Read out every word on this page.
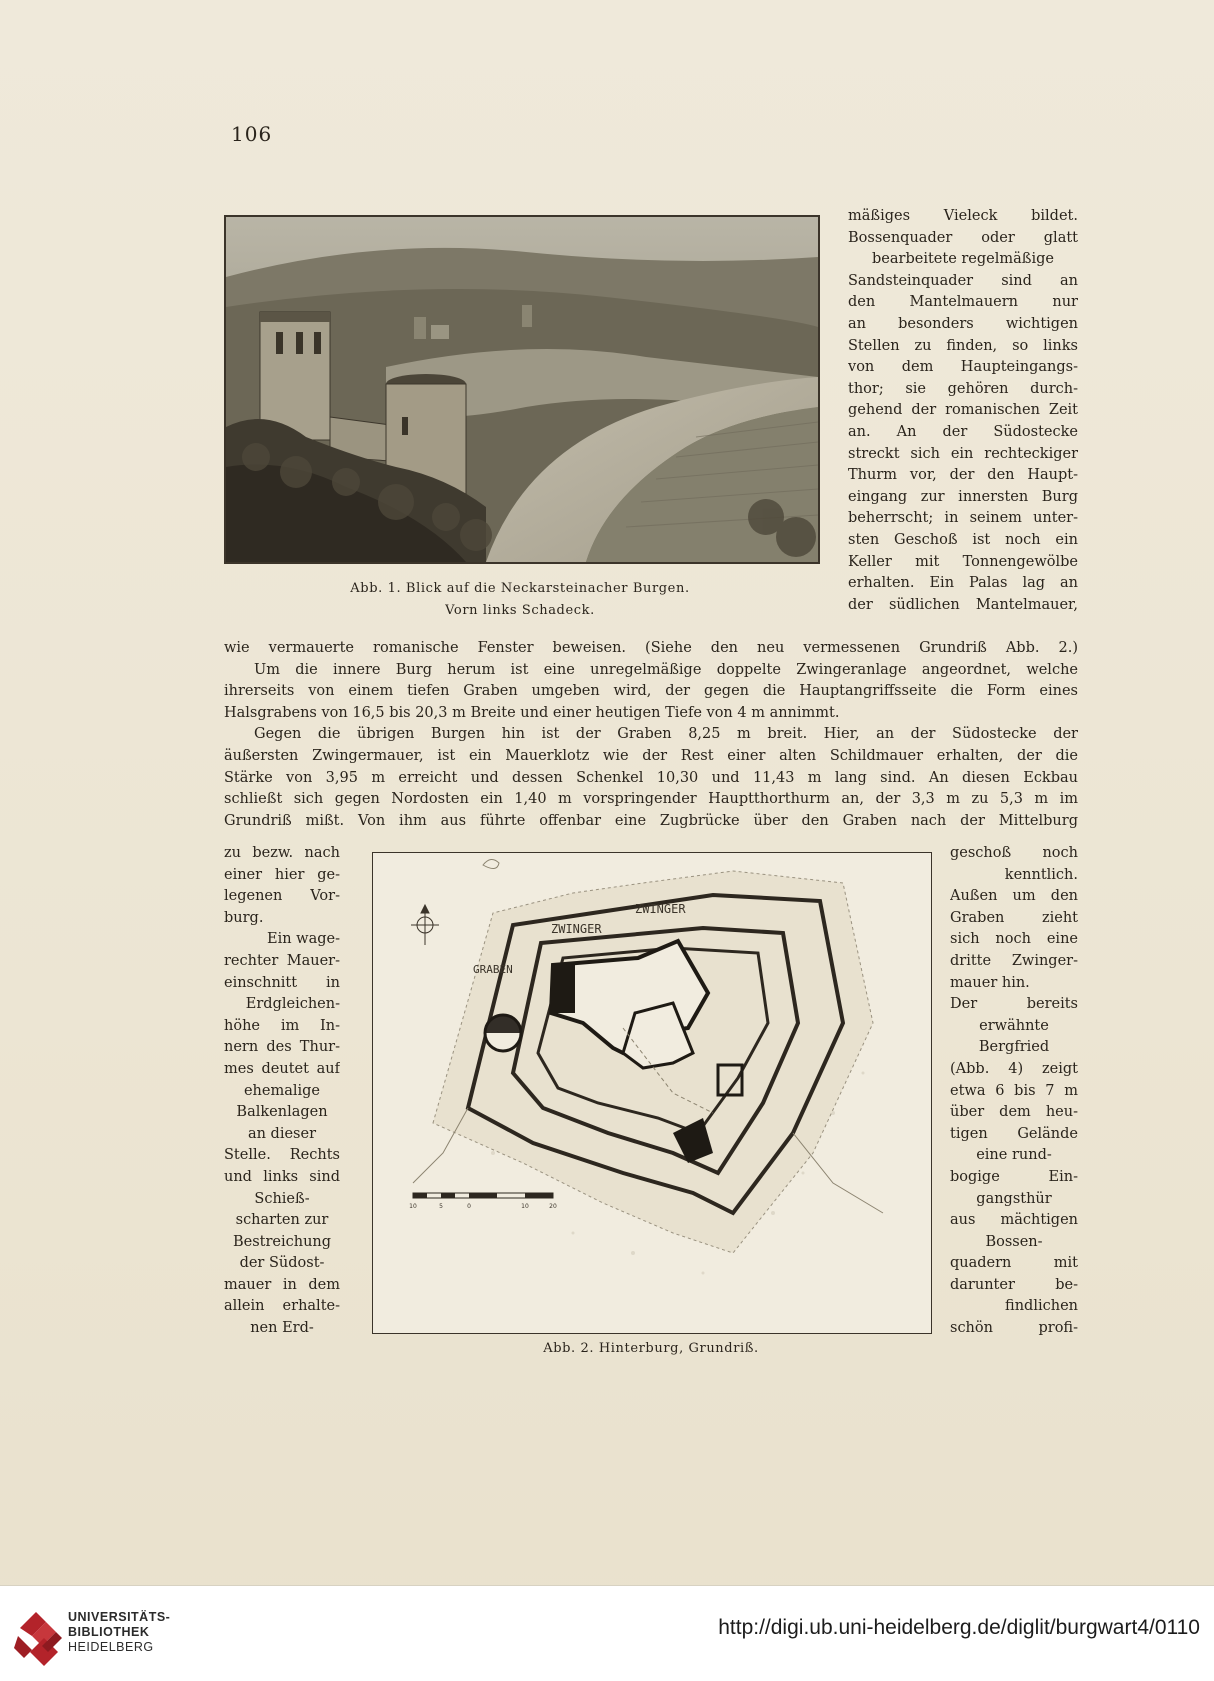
106
Abb. 1. Blick auf die Neckarsteinacher Burgen.
Vorn links Schadeck.
mäßiges Vieleck bildet.
Bossenquader oder glatt
bearbeitete regelmäßige
Sandsteinquader sind an
den Mantelmauern nur
an besonders wichtigen
Stellen zu finden, so links
von dem Haupteingangs-
thor; sie gehören durch-
gehend der romanischen Zeit
an. An der Südostecke
streckt sich ein rechteckiger
Thurm vor, der den Haupt-
eingang zur innersten Burg
beherrscht; in seinem unter-
sten Geschoß ist noch ein
Keller mit Tonnengewölbe
erhalten. Ein Palas lag an
der südlichen Mantelmauer,
wie vermauerte romanische Fenster beweisen. (Siehe den neu vermessenen Grundriß Abb. 2.)
Um die innere Burg herum ist eine unregelmäßige doppelte Zwingeranlage angeordnet, welche
ihrerseits von einem tiefen Graben umgeben wird, der gegen die Hauptangriffsseite die Form eines
Halsgrabens von 16,5 bis 20,3 m Breite und einer heutigen Tiefe von 4 m annimmt.
Gegen die übrigen Burgen hin ist der Graben 8,25 m breit. Hier, an der Südostecke der
äußersten Zwingermauer, ist ein Mauerklotz wie der Rest einer alten Schildmauer erhalten, der die
Stärke von 3,95 m erreicht und dessen Schenkel 10,30 und 11,43 m lang sind. An diesen Eckbau
schließt sich gegen Nordosten ein 1,40 m vorspringender Hauptthorthurm an, der 3,3 m zu 5,3 m im
Grundriß mißt. Von ihm aus führte offenbar eine Zugbrücke über den Graben nach der Mittelburg
zu bezw. nach
einer hier ge-
legenen Vor-
burg.
Ein wage-
rechter Mauer-
einschnitt in
Erdgleichen-
höhe im In-
nern des Thur-
mes deutet auf
ehemalige
Balkenlagen
an dieser
Stelle. Rechts
und links sind
Schieß-
scharten zur
Bestreichung
der Südost-
mauer in dem
allein erhalte-
nen Erd-
ZWINGER
ZWINGER
GRABEN
10	5	0	10	20
Abb. 2. Hinterburg, Grundriß.
geschoß noch
kenntlich.
Außen um den
Graben zieht
sich noch eine
dritte Zwinger-
mauer hin.
Der bereits
erwähnte
Bergfried
(Abb. 4) zeigt
etwa 6 bis 7 m
über dem heu-
tigen Gelände
eine rund-
bogige Ein-
gangsthür
aus mächtigen
Bossen-
quadern mit
darunter be-
findlichen
schön profi-
UNIVERSITÄTS-
BIBLIOTHEK
HEIDELBERG
http://digi.ub.uni-heidelberg.de/diglit/burgwart4/0110
